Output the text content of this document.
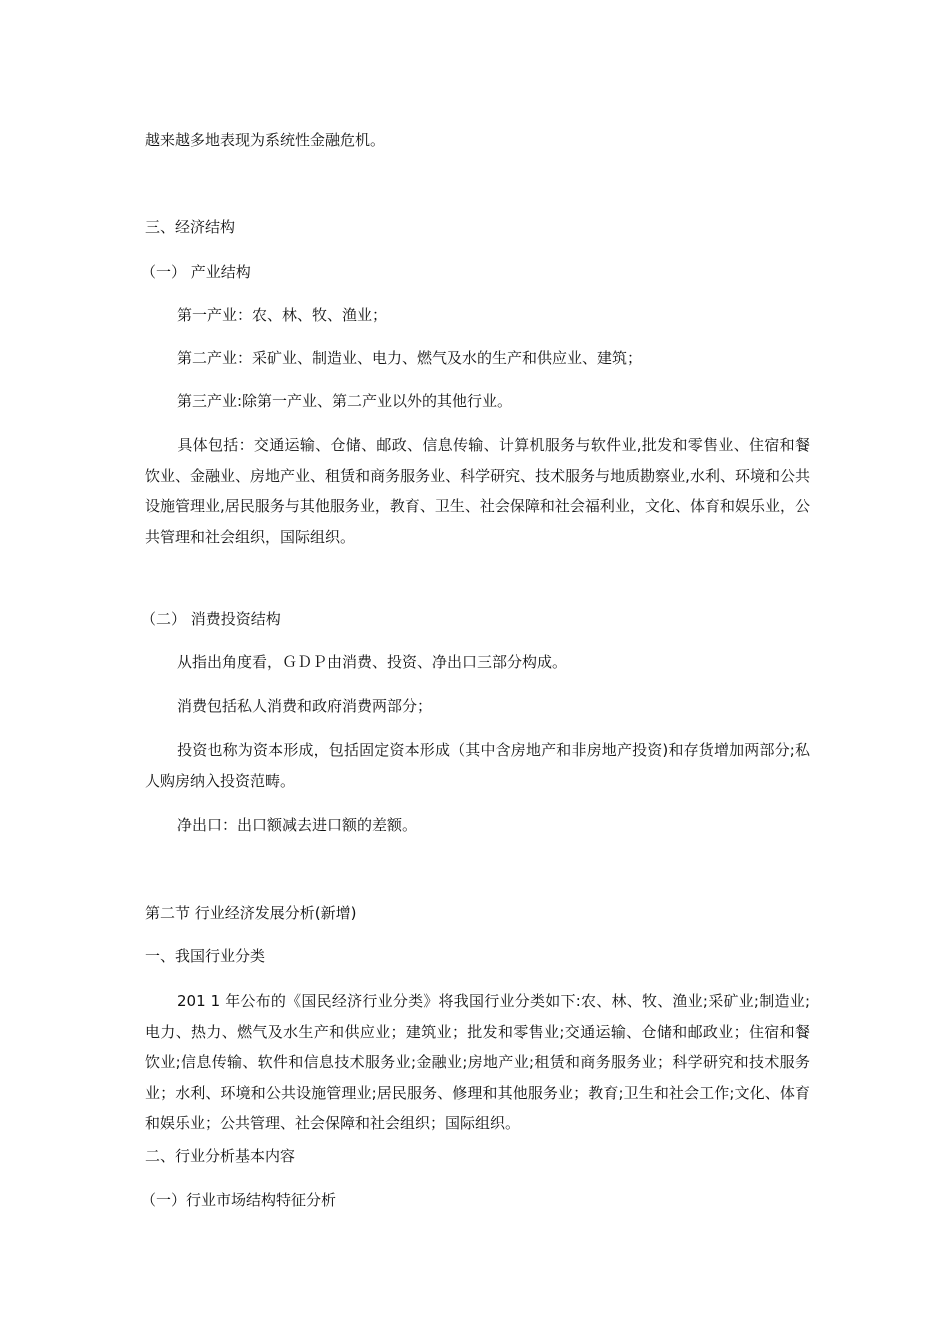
越来越多地表现为系统性金融危机。
三、经济结构
（一） 产业结构
第一产业：农、林、牧、渔业；
第二产业：采矿业、制造业、电力、燃气及水的生产和供应业、建筑；
第三产业:除第一产业、第二产业以外的其他行业。
具体包括：交通运输、仓储、邮政、信息传输、计算机服务与软件业,批发和零售业、住宿和餐饮业、金融业、房地产业、租赁和商务服务业、科学研究、技术服务与地质勘察业,水利、环境和公共设施管理业,居民服务与其他服务业，教育、卫生、社会保障和社会福利业，文化、体育和娱乐业，公共管理和社会组织，国际组织。
（二） 消费投资结构
从指出角度看，ＧＤＰ由消费、投资、净出口三部分构成。
消费包括私人消费和政府消费两部分；
投资也称为资本形成，包括固定资本形成（其中含房地产和非房地产投资)和存货增加两部分;私人购房纳入投资范畴。
净出口：出口额减去进口额的差额。
第二节 行业经济发展分析(新增)
一、我国行业分类
201 1 年公布的《国民经济行业分类》将我国行业分类如下:农、林、牧、渔业;采矿业;制造业;电力、热力、燃气及水生产和供应业；建筑业；批发和零售业;交通运输、仓储和邮政业；住宿和餐饮业;信息传输、软件和信息技术服务业;金融业;房地产业;租赁和商务服务业；科学研究和技术服务业；水利、环境和公共设施管理业;居民服务、修理和其他服务业；教育;卫生和社会工作;文化、体育和娱乐业；公共管理、社会保障和社会组织；国际组织。
二、行业分析基本内容
（一）行业市场结构特征分析
